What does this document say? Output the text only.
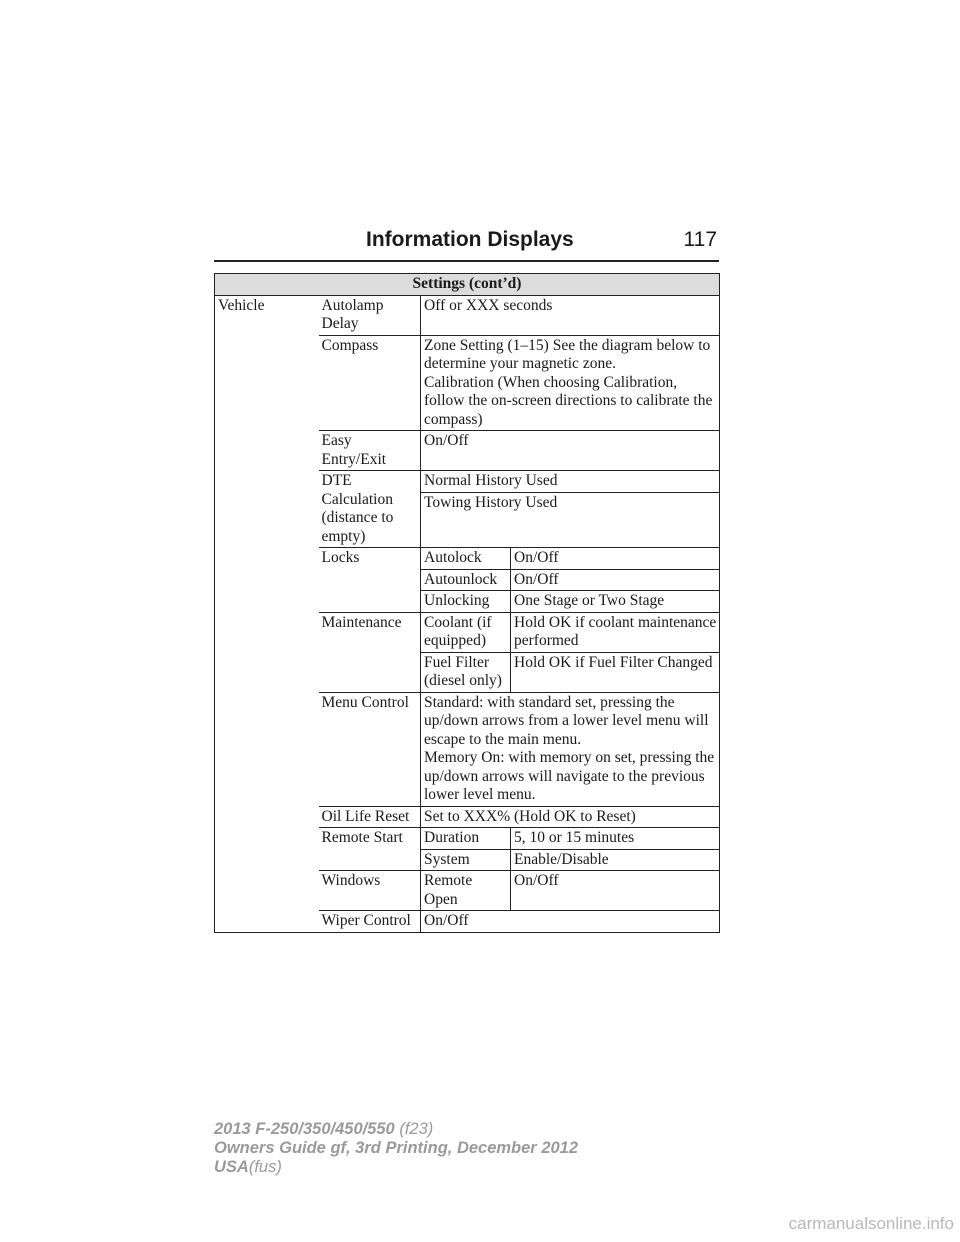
Information Displays	117
Settings (cont’d)			
Vehicle	Autolamp Delay	Off or XXX seconds	
	Compass	Zone Setting (1–15) See the diagram below to determine your magnetic zone.
Calibration (When choosing Calibration, follow the on-screen directions to calibrate the compass)	

	Easy Entry/Exit	On/Off	
	DTE Calculation (distance to empty)	Normal History Used	
		Towing History Used	
	Locks	Autolock	On/Off
		Autounlock	On/Off
		Unlocking	One Stage or Two Stage
	Maintenance	Coolant (if equipped)	Hold OK if coolant maintenance performed
		Fuel Filter (diesel only)	Hold OK if Fuel Filter Changed
	Menu Control	Standard: with standard set, pressing the up/down arrows from a lower level menu will escape to the main menu.
Memory On: with memory on set, pressing the up/down arrows will navigate to the previous lower level menu.	

	Oil Life Reset	Set to XXX% (Hold OK to Reset)	
	Remote Start	Duration	5, 10 or 15 minutes
		System	Enable/Disable
	Windows	Remote Open	On/Off
	Wiper Control	On/Off	
2013 F-250/350/450/550 (f23)
Owners Guide gf, 3rd Printing, December 2012
USA(fus)
carmanualsonline.info
